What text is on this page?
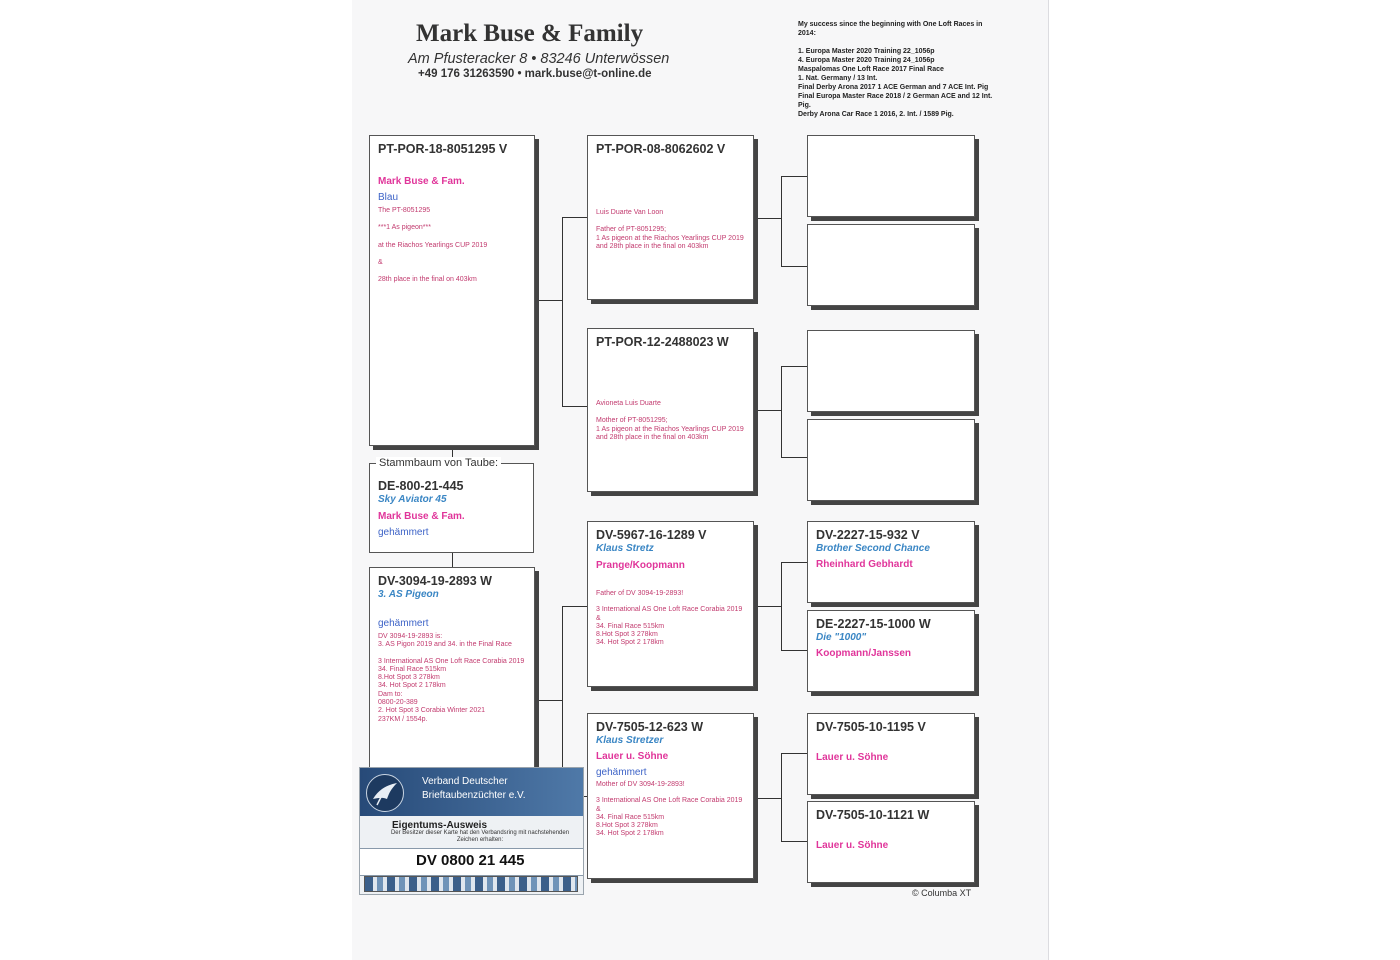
Mark Buse & Family
Am Pfusteracker 8 • 83246 Unterwössen
+49 176 31263590 • mark.buse@t-online.de
My success since the beginning with One Loft Races in 2014:
1. Europa Master 2020 Training 22_1056p
4. Europa Master 2020 Training 24_1056p
Maspalomas One Loft Race 2017 Final Race
1. Nat. Germany / 13 Int.
Final Derby Arona 2017 1 ACE German and 7 ACE Int. Pig
Final Europa Master Race 2018 / 2 German ACE and 12 Int. Pig.
Derby Arona Car Race 1 2016, 2. Int. / 1589 Pig.
PT-POR-18-8051295 V
Mark Buse & Fam.
Blau
The PT-8051295
***1 As pigeon***
at the Riachos Yearlings CUP 2019
&
28th place in the final on 403km
DE-800-21-445
Sky Aviator 45
Mark Buse & Fam.
gehämmert
Stammbaum von Taube:
DV-3094-19-2893 W
3. AS Pigeon
gehämmert
DV 3094-19-2893 is:
3. AS Pigon 2019 and 34. in the Final Race
3 International AS One Loft Race Corabia 2019
34. Final Race 515km
8.Hot Spot 3 278km
34. Hot Spot 2 178km
Dam to:
0800-20-389
2. Hot Spot 3 Corabia Winter 2021
237KM / 1554p.
PT-POR-08-8062602 V
Luis Duarte Van Loon
Father of PT-8051295;
1 As pigeon at the Riachos Yearlings CUP 2019 and 28th place in the final on 403km
PT-POR-12-2488023 W
Avioneta Luis Duarte
Mother of PT-8051295;
1 As pigeon at the Riachos Yearlings CUP 2019 and 28th place in the final on 403km
DV-5967-16-1289 V
Klaus Stretz
Prange/Koopmann
Father of DV 3094-19-2893!
3 International AS One Loft Race Corabia 2019
&
34. Final Race 515km
8.Hot Spot 3 278km
34. Hot Spot 2 178km
DV-7505-12-623 W
Klaus Stretzer
Lauer u. Söhne
gehämmert
Mother of DV 3094-19-2893!
3 International AS One Loft Race Corabia 2019
&
34. Final Race 515km
8.Hot Spot 3 278km
34. Hot Spot 2 178km
DV-2227-15-932 V
Brother Second Chance
Rheinhard Gebhardt
DE-2227-15-1000 W
Die "1000"
Koopmann/Janssen
DV-7505-10-1195 V
Lauer u. Söhne
DV-7505-10-1121 W
Lauer u. Söhne
Verband Deutscher
Brieftaubenzüchter e.V.
Eigentums-Ausweis
Der Besitzer dieser Karte hat den Verbandsring mit nachstehenden Zeichen erhalten:
DV 0800 21 445
© Columba XT
